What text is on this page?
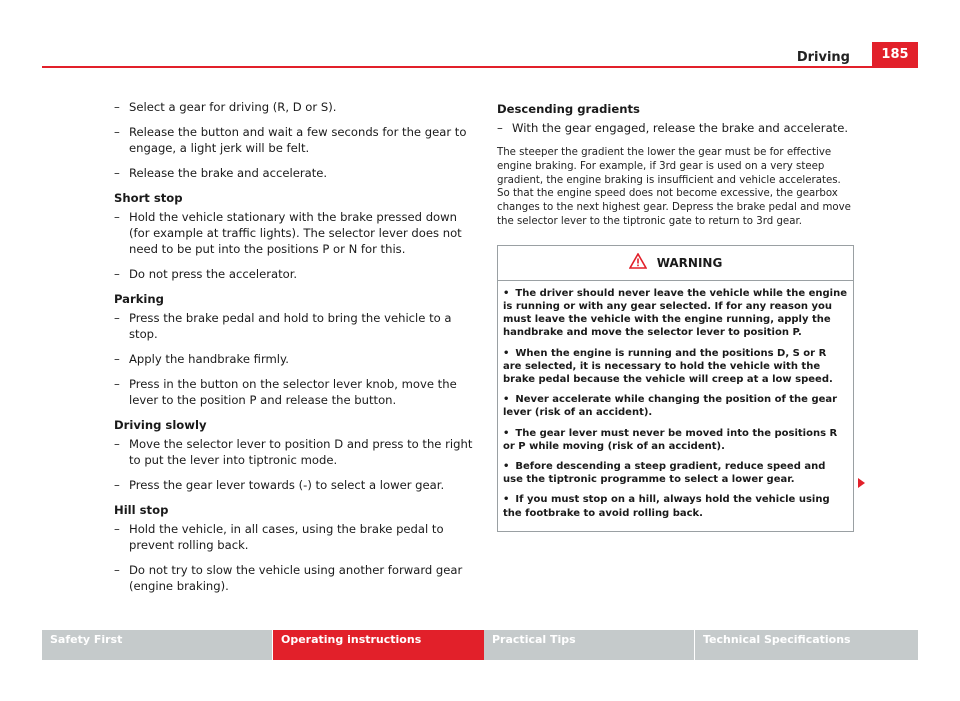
Driving	185
– Select a gear for driving (R, D or S).
– Release the button and wait a few seconds for the gear to engage, a light jerk will be felt.
– Release the brake and accelerate.
Short stop
– Hold the vehicle stationary with the brake pressed down (for example at traffic lights). The selector lever does not need to be put into the positions P or N for this.
– Do not press the accelerator.
Parking
– Press the brake pedal and hold to bring the vehicle to a stop.
– Apply the handbrake firmly.
– Press in the button on the selector lever knob, move the lever to the position P and release the button.
Driving slowly
– Move the selector lever to position D and press to the right to put the lever into tiptronic mode.
– Press the gear lever towards (-) to select a lower gear.
Hill stop
– Hold the vehicle, in all cases, using the brake pedal to prevent rolling back.
– Do not try to slow the vehicle using another forward gear (engine braking).
Descending gradients
– With the gear engaged, release the brake and accelerate.

The steeper the gradient the lower the gear must be for effective engine braking. For example, if 3rd gear is used on a very steep gradient, the engine braking is insufficient and vehicle accelerates. So that the engine speed does not become excessive, the gearbox changes to the next highest gear. Depress the brake pedal and move the selector lever to the tiptronic gate to return to 3rd gear.

WARNING
• The driver should never leave the vehicle while the engine is running or with any gear selected. If for any reason you must leave the vehicle with the engine running, apply the handbrake and move the selector lever to position P.
• When the engine is running and the positions D, S or R are selected, it is necessary to hold the vehicle with the brake pedal because the vehicle will creep at a low speed.
• Never accelerate while changing the position of the gear lever (risk of an accident).
• The gear lever must never be moved into the positions R or P while moving (risk of an accident).
• Before descending a steep gradient, reduce speed and use the tiptronic programme to select a lower gear.
• If you must stop on a hill, always hold the vehicle using the footbrake to avoid rolling back.
Safety First	Operating instructions	Practical Tips	Technical Specifications
